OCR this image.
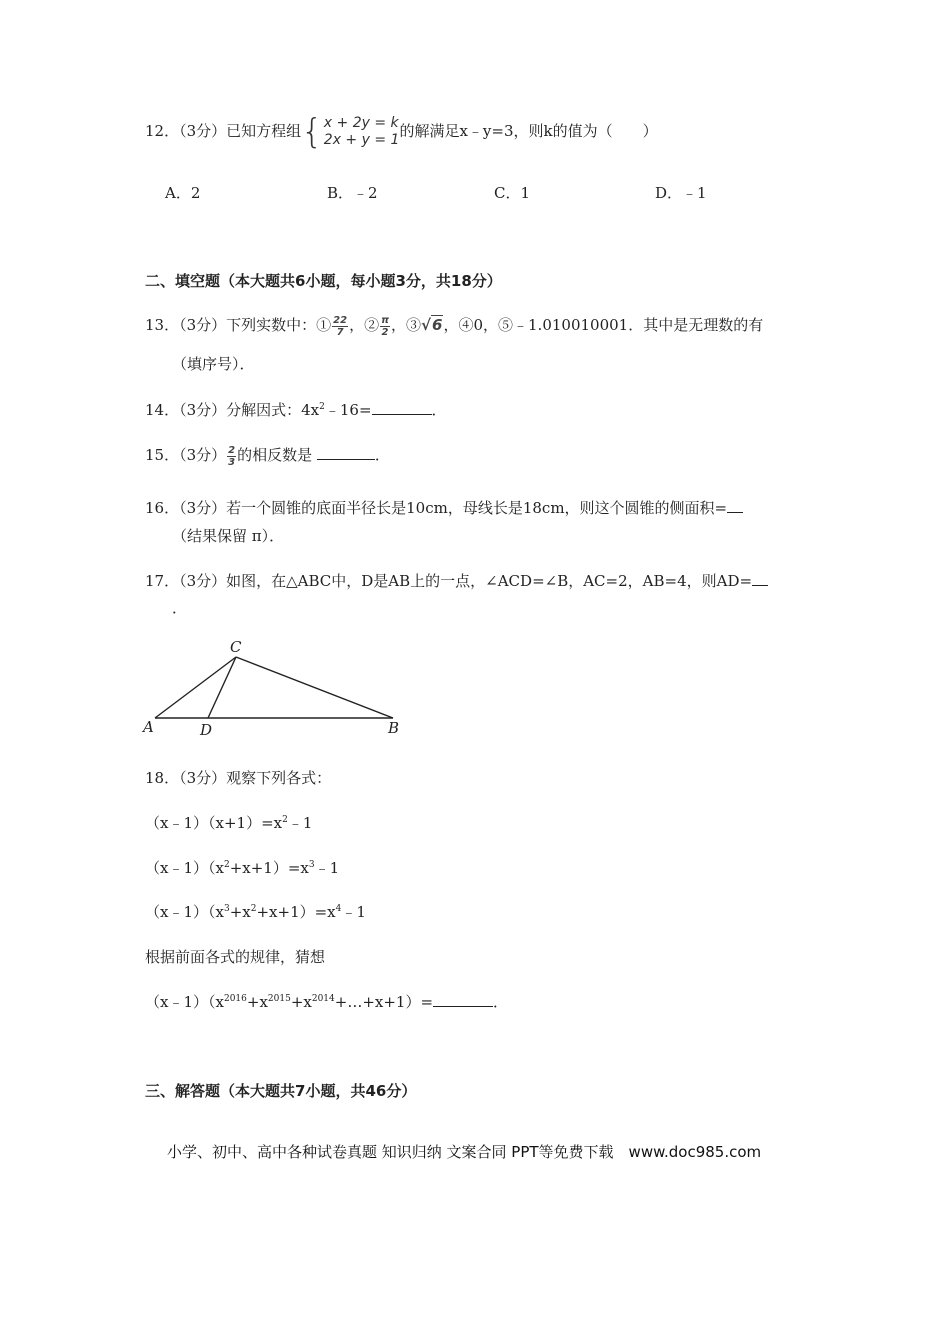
12．（3分）已知方程组 { x + 2y = k
2x + y = 1 的解满足x﹣y=3，则k的值为（　　）
A．2	B．﹣2	C．1	D．﹣1
二、填空题（本大题共6小题，每小题3分，共18分）
13．（3分）下列实数中：① $\frac{22}{7}$ ，② $\frac{\pi}{2}$ ，③√6，④0，⑤﹣1.010010001．其中是无理数的有
（填序号）．
14．（3分）分解因式：$4x^2﹣16=$	．
15．（3分） $\frac{2}{3}$ 的相反数是	．
16．（3分）若一个圆锥的底面半径长是10cm，母线长是18cm，则这个圆锥的侧面积=
（结果保留 π）．
17．（3分）如图，在△ABC中，D是AB上的一点，∠ACD=∠B，AC=2，AB=4，则AD=
．
A	D
C
B
18．（3分）观察下列各式：
$(x﹣1)(x+1)=x^2﹣1$
$(x﹣1)(x^2+x+1)=x^3﹣1$
$(x﹣1)(x^3+x^2+x+1)=x^4﹣1$
根据前面各式的规律，猜想
$(x﹣1)(x^{2016}+x^{2015}+x^{2014}+\dots+x+1)=$	．
三、解答题（本大题共7小题，共46分）
小学、初中、高中各种试卷真题 知识归纳 文案合同 PPT等免费下载　www.doc985.com
